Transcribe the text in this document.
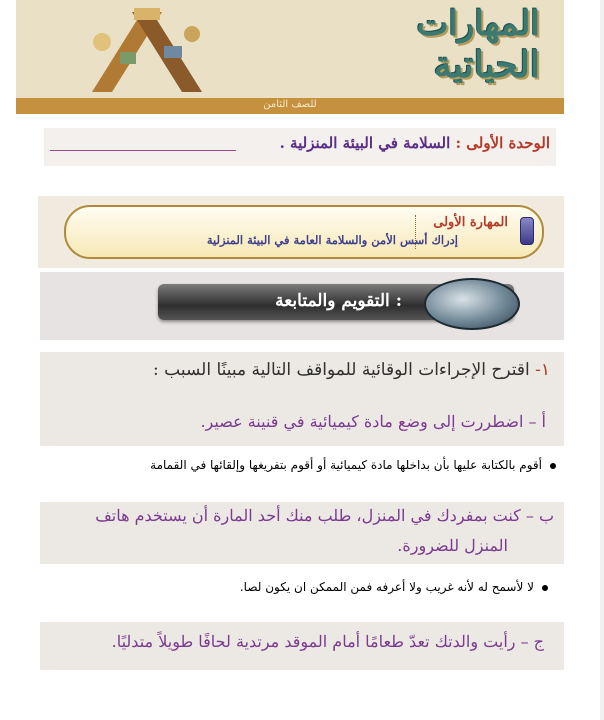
المهارات
الحياتية
للصف الثامن
الوحدة الأولى : السلامة في البيئة المنزلية .
المهارة الأولى
إدراك أسس الأمن والسلامة العامة في البيئة المنزلية
التقويم والمتابعة :
١- اقترح الإجراءات الوقائية للمواقف التالية مبينًا السبب :
أ – اضطررت إلى وضع مادة كيميائية في قنينة عصير.
أقوم بالكتابة عليها بأن بداخلها مادة كيميائية أو أقوم بتفريغها وإلقائها في القمامة
ب – كنت بمفردك في المنزل، طلب منك أحد المارة أن يستخدم هاتف
المنزل للضرورة.
لا لأسمح له لأنه غريب ولا أعرفه فمن الممكن ان يكون لصا.
ج – رأيت والدتك تعدّ طعامًا أمام الموقد مرتدية لحافًا طويلاً متدليًا.
